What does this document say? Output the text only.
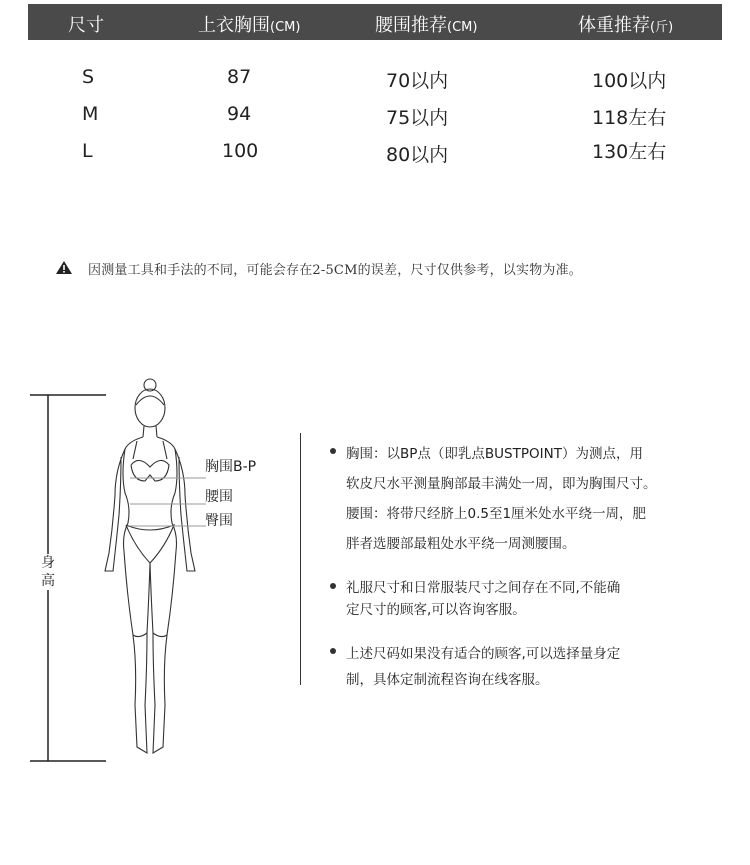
尺寸	上衣胸围(CM)	腰围推荐(CM)	体重推荐(斤)
S	87	70以内	100以内
M	94	75以内	118左右
L	100	80以内	130左右
因测量工具和手法的不同，可能会存在2-5CM的误差，尺寸仅供参考，以实物为准。
身
高
胸围B-P
腰围
臀围
胸围：以BP点（即乳点BUSTPOINT）为测点，用
软皮尺水平测量胸部最丰满处一周，即为胸围尺寸。
腰围：将带尺经脐上0.5至1厘米处水平绕一周，肥
胖者选腰部最粗处水平绕一周测腰围。
礼服尺寸和日常服装尺寸之间存在不同,不能确
定尺寸的顾客,可以咨询客服。
上述尺码如果没有适合的顾客,可以选择量身定
制，具体定制流程咨询在线客服。
